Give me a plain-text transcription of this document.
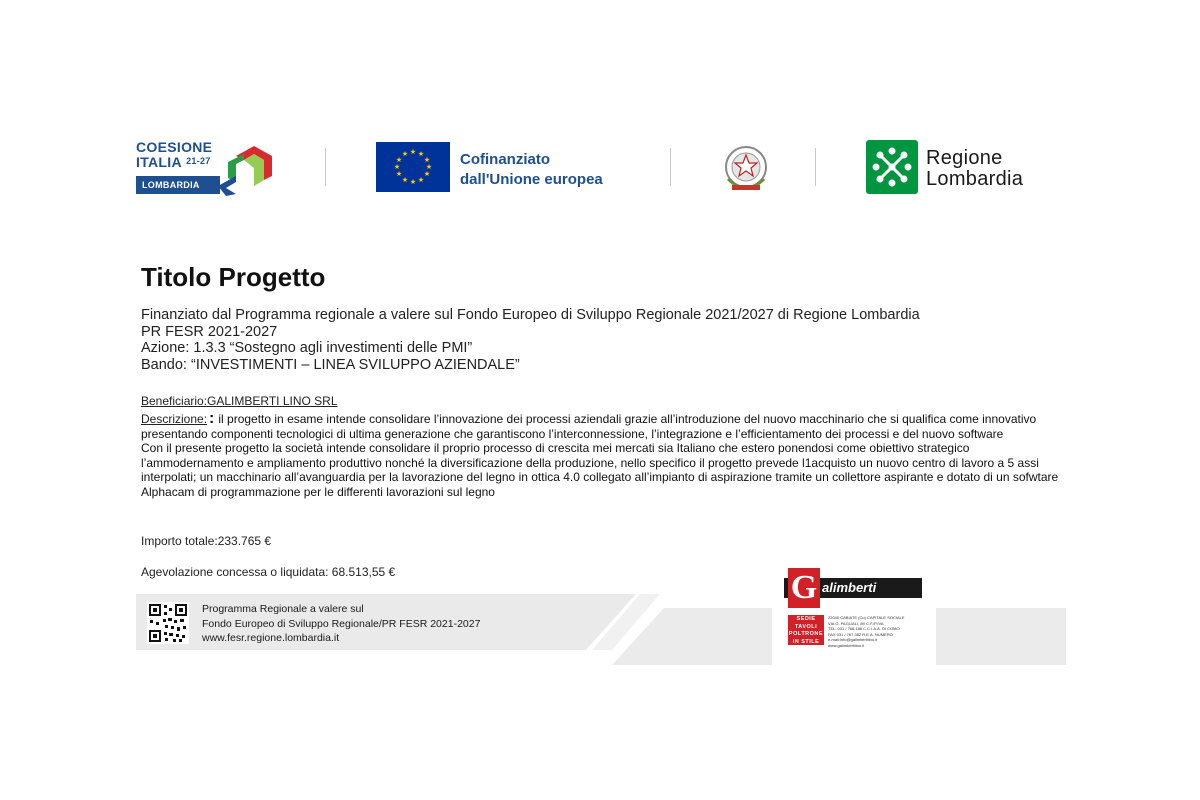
COESIONE
ITALIA $^{21-27}$
LOMBARDIA
★ ★
★
★
★
★
★
★
★
★
★
★	Cofinanziato
dall'Unione europea
Regione
Lombardia
Titolo Progetto
Finanziato dal Programma regionale a valere sul Fondo Europeo di Sviluppo Regionale 2021/2027 di Regione Lombardia
PR FESR 2021-2027
Azione: 1.3.3 “Sostegno agli investimenti delle PMI”
Bando: “INVESTIMENTI – LINEA SVILUPPO AZIENDALE”
Beneficiario:GALIMBERTI LINO SRL

Descrizione: : il progetto in esame intende consolidare l’innovazione dei processi aziendali grazie all’introduzione del nuovo macchinario che si qualifica come innovativo presentando componenti tecnologici di ultima generazione che garantiscono l’interconnessione, l’integrazione e l’efficientamento dei processi e del nuovo software

Con il presente progetto la società intende consolidare il proprio processo di crescita mei mercati sia Italiano che estero ponendosi come obiettivo strategico l’ammodernamento e ampliamento produttivo nonché la diversificazione della produzione, nello specifico il progetto prevede l1acquisto un nuovo centro di lavoro a 5 assi interpolati; un macchinario all’avanguardia per la lavorazione del legno in ottica 4.0 collegato all’impianto di aspirazione tramite un collettore aspirante e dotato di un sofwtare Alphacam di programmazione per le differenti lavorazioni sul legno

Importo totale:233.765 €
Agevolazione concessa o liquidata: 68.513,55 €
Programma Regionale a valere sul
Fondo Europeo di Sviluppo Regionale/PR FESR 2021-2027
www.fesr.regione.lombardia.it
alimberti Lino s.r.l.
G
SEDIE
TAVOLI
POLTRONE
IN STILE
22040 CABIATE (Co) CAPITALE SOCIALE
VIA G. PAGLIALI, 89 C.F./P.IVA
TEL. 031 / 766.188 C.C.I.A.A. DI COMO
FAX 031 / 767.382 R.E.A. NUMERO
e-mail:info@galimbertilino.it
www.galimbertilino.it
